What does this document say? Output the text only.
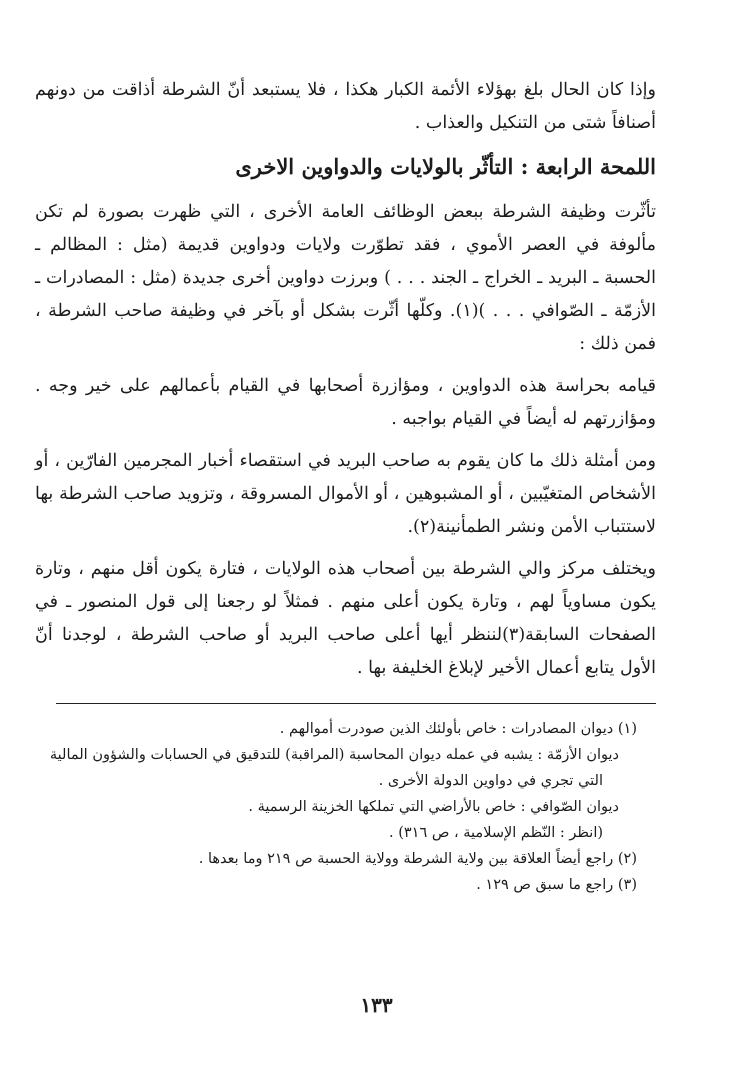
وإذا كان الحال بلغ بهؤلاء الأئمة الكبار هكذا ، فلا يستبعد أنّ الشرطة أذاقت من دونهم أصنافاً شتى من التنكيل والعذاب .

اللمحة الرابعة : التأثّر بالولايات والدواوين الاخرى

تأثّرت وظيفة الشرطة ببعض الوظائف العامة الأخرى ، التي ظهرت بصورة لم تكن مألوفة في العصر الأموي ، فقد تطوّرت ولايات ودواوين قديمة (مثل : المظالم ـ الحسبة ـ البريد ـ الخراج ـ الجند . . . ) وبرزت دواوين أخرى جديدة (مثل : المصادرات ـ الأزمّة ـ الصّوافي . . . )(١). وكلّها أثّرت بشكل أو بآخر في وظيفة صاحب الشرطة ، فمن ذلك :

قيامه بحراسة هذه الدواوين ، ومؤازرة أصحابها في القيام بأعمالهم على خير وجه . ومؤازرتهم له أيضاً في القيام بواجبه .

ومن أمثلة ذلك ما كان يقوم به صاحب البريد في استقصاء أخبار المجرمين الفارّين ، أو الأشخاص المتغيّبين ، أو المشبوهين ، أو الأموال المسروقة ، وتزويد صاحب الشرطة بها لاستتباب الأمن ونشر الطمأنينة(٢).

ويختلف مركز والي الشرطة بين أصحاب هذه الولايات ، فتارة يكون أقل منهم ، وتارة يكون مساوياً لهم ، وتارة يكون أعلى منهم . فمثلاً لو رجعنا إلى قول المنصور ـ في الصفحات السابقة(٣)لننظر أيها أعلى صاحب البريد أو صاحب الشرطة ، لوجدنا أنّ الأول يتابع أعمال الأخير لإبلاغ الخليفة بها .

(١) ديوان المصادرات : خاص بأولئك الذين صودرت أموالهم .

ديوان الأزمّة : يشبه في عمله ديوان المحاسبة (المراقبة) للتدقيق في الحسابات والشؤون المالية

التي تجري في دواوين الدولة الأخرى .

ديوان الصّوافي : خاص بالأراضي التي تملكها الخزينة الرسمية .

(انظر : النّظم الإسلامية ، ص ٣١٦) .

(٢) راجع أيضاً العلاقة بين ولاية الشرطة وولاية الحسبة ص ٢١٩ وما بعدها .

(٣) راجع ما سبق ص ١٢٩ .

١٣٣
